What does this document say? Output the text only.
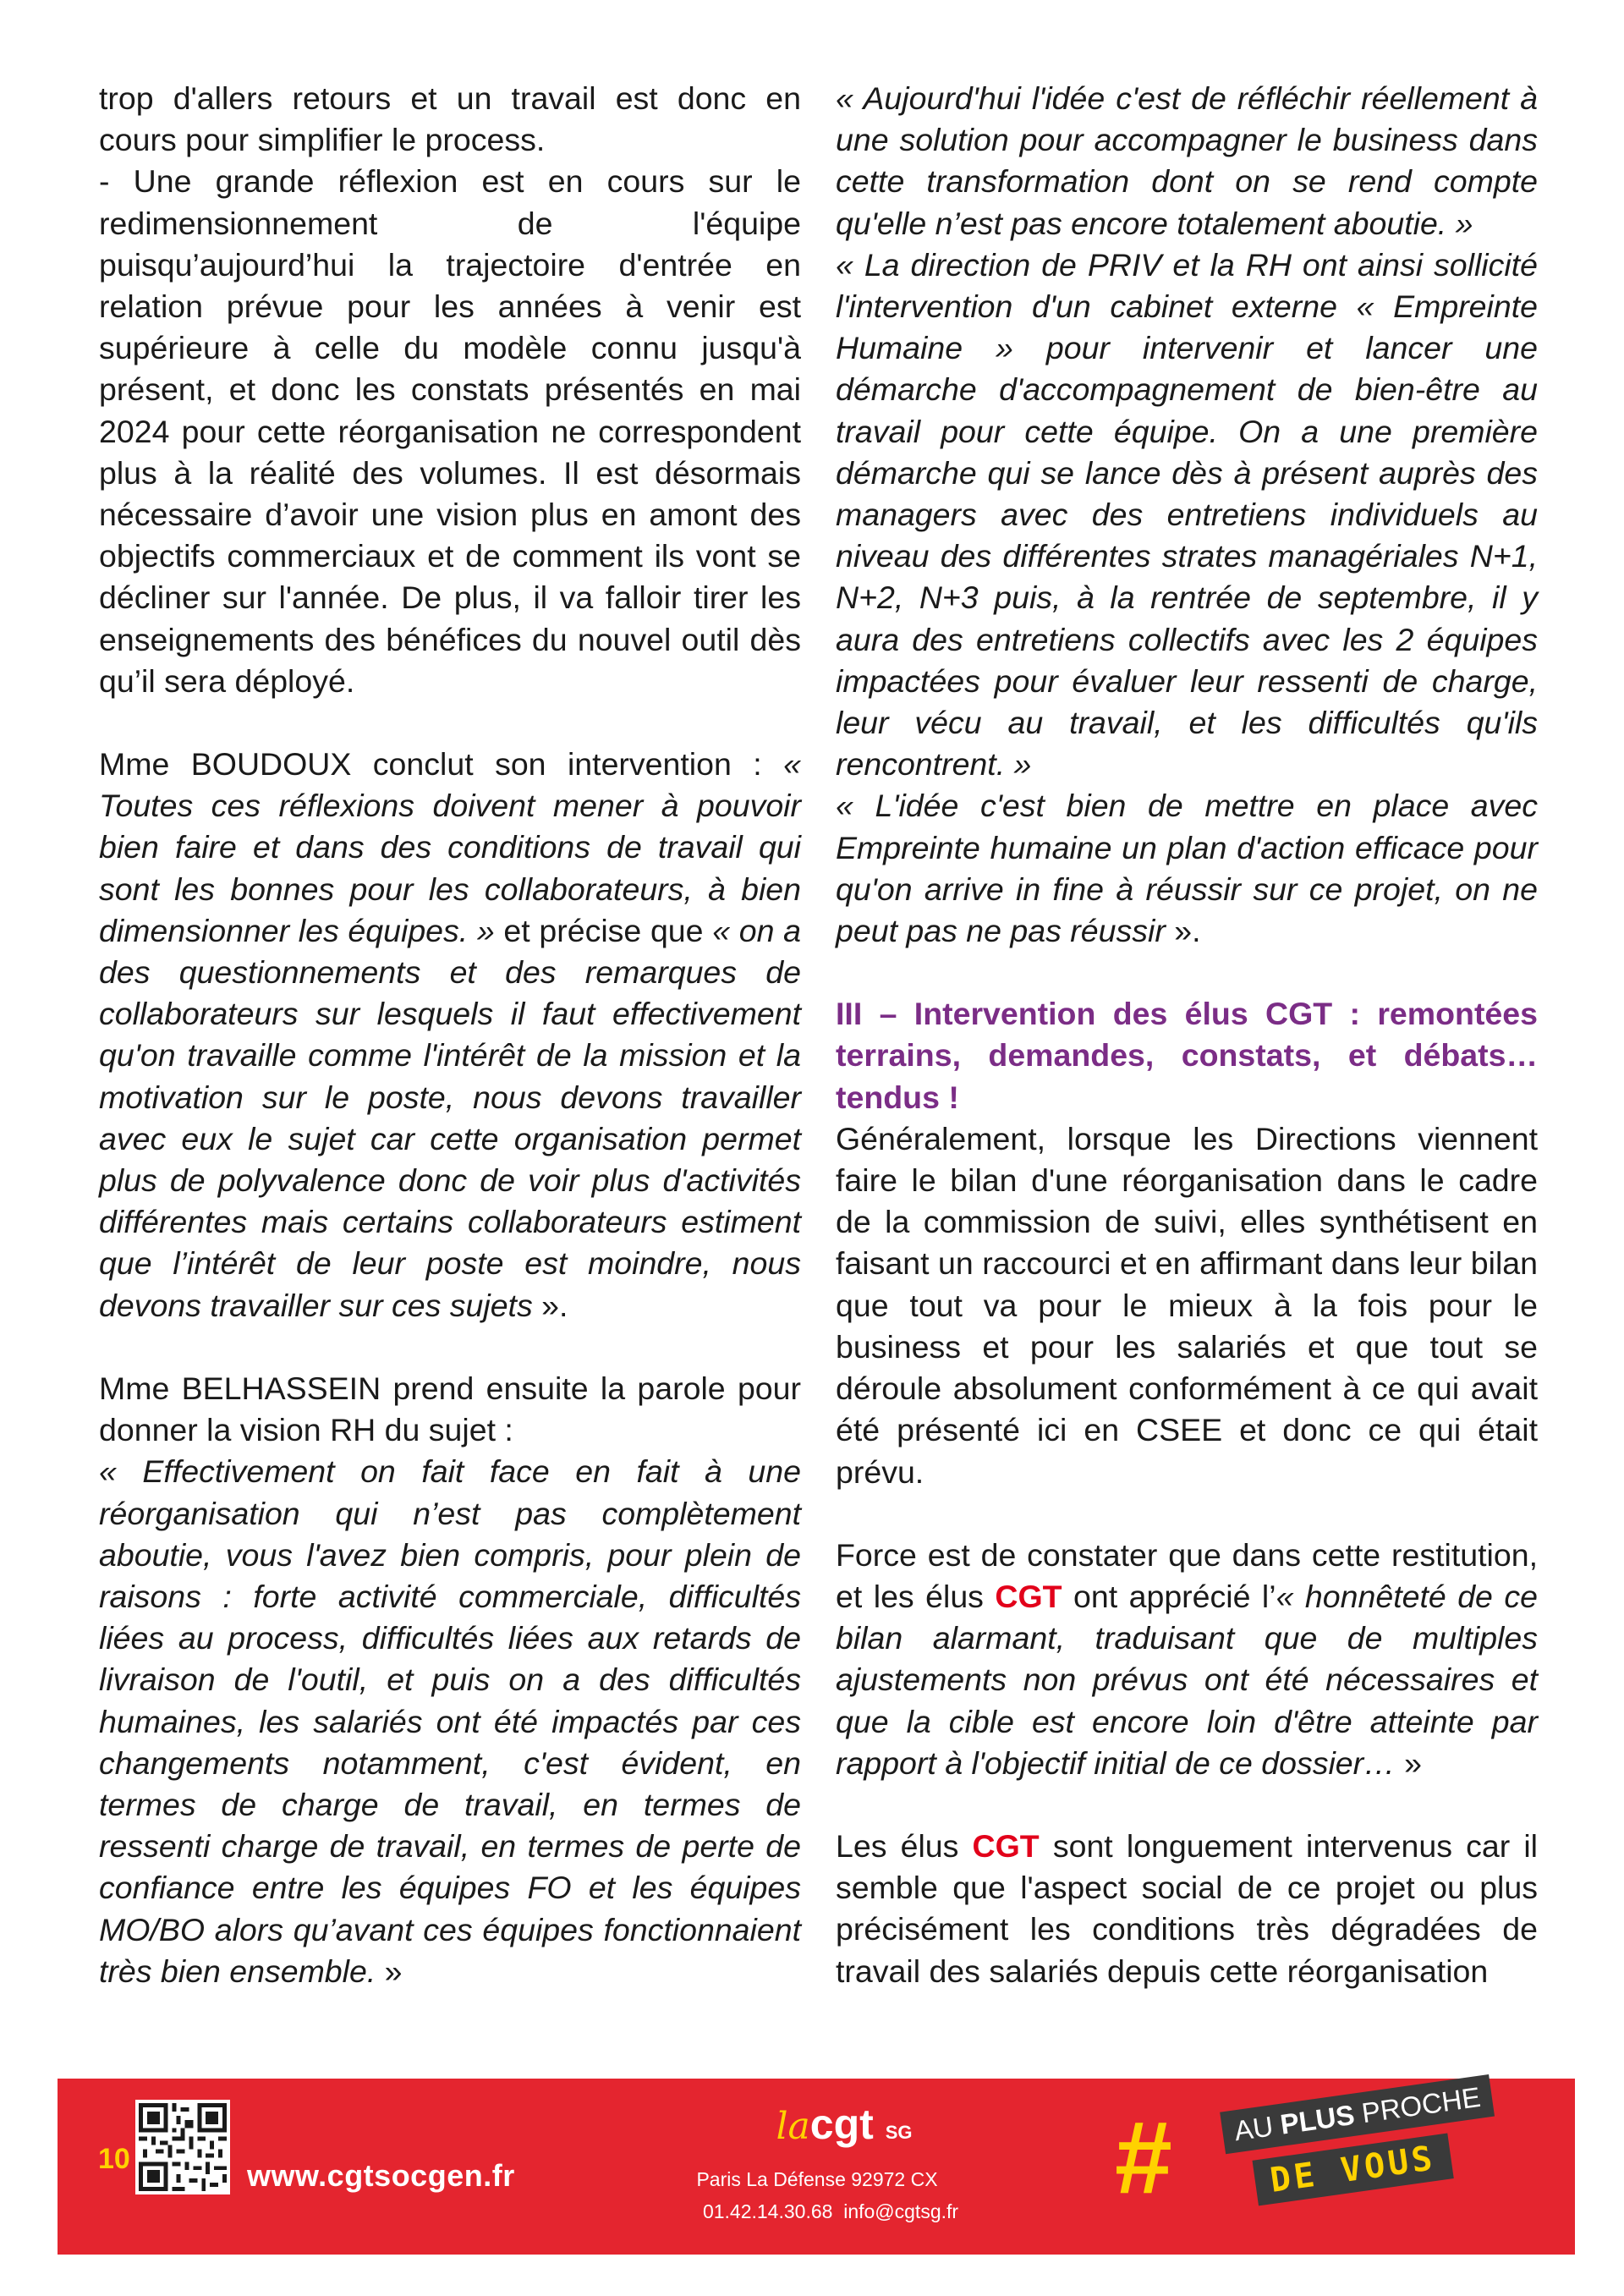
trop d'allers retours et un travail est donc en cours pour simplifier le process.

- Une grande réflexion est en cours sur le redimensionnement de l'équipe puisqu’aujourd’hui la trajectoire d'entrée en relation prévue pour les années à venir est supérieure à celle du modèle connu jusqu'à présent, et donc les constats présentés en mai 2024 pour cette réorganisation ne correspondent plus à la réalité des volumes. Il est désormais nécessaire d’avoir une vision plus en amont des objectifs commerciaux et de comment ils vont se décliner sur l'année. De plus, il va falloir tirer les enseignements des bénéfices du nouvel outil dès qu’il sera déployé.

Mme BOUDOUX conclut son intervention : « Toutes ces réflexions doivent mener à pouvoir bien faire et dans des conditions de travail qui sont les bonnes pour les collaborateurs, à bien dimensionner les équipes. » et précise que « on a des questionnements et des remarques de collaborateurs sur lesquels il faut effectivement qu'on travaille comme l'intérêt de la mission et la motivation sur le poste, nous devons travailler avec eux le sujet car cette organisation permet plus de polyvalence donc de voir plus d'activités différentes mais certains collaborateurs estiment que l’intérêt de leur poste est moindre, nous devons travailler sur ces sujets ».

Mme BELHASSEIN prend ensuite la parole pour donner la vision RH du sujet :

« Effectivement on fait face en fait à une réorganisation qui n’est pas complètement aboutie, vous l'avez bien compris, pour plein de raisons : forte activité commerciale, difficultés liées au process, difficultés liées aux retards de livraison de l'outil, et puis on a des difficultés humaines, les salariés ont été impactés par ces changements notamment, c'est évident, en termes de charge de travail, en termes de ressenti charge de travail, en termes de perte de confiance entre les équipes FO et les équipes MO/BO alors qu’avant ces équipes fonctionnaient très bien ensemble. »

« Aujourd'hui l'idée c'est de réfléchir réellement à une solution pour accompagner le business dans cette transformation dont on se rend compte qu'elle n’est pas encore totalement aboutie. »

« La direction de PRIV et la RH ont ainsi sollicité l'intervention d'un cabinet externe « Empreinte Humaine » pour intervenir et lancer une démarche d'accompagnement de bien-être au travail pour cette équipe. On a une première démarche qui se lance dès à présent auprès des managers avec des entretiens individuels au niveau des différentes strates managériales N+1, N+2, N+3 puis, à la rentrée de septembre, il y aura des entretiens collectifs avec les 2 équipes impactées pour évaluer leur ressenti de charge, leur vécu au travail, et les difficultés qu'ils rencontrent. »

« L'idée c'est bien de mettre en place avec Empreinte humaine un plan d'action efficace pour qu'on arrive in fine à réussir sur ce projet, on ne peut pas ne pas réussir ».

III – Intervention des élus CGT : remontées terrains, demandes, constats, et débats… tendus !

Généralement, lorsque les Directions viennent faire le bilan d'une réorganisation dans le cadre de la commission de suivi, elles synthétisent en faisant un raccourci et en affirmant dans leur bilan que tout va pour le mieux à la fois pour le business et pour les salariés et que tout se déroule absolument conformément à ce qui avait été présenté ici en CSEE et donc ce qui était prévu.

Force est de constater que dans cette restitution, et les élus CGT ont apprécié l’« honnêteté de ce bilan alarmant, traduisant que de multiples ajustements non prévus ont été nécessaires et que la cible est encore loin d'être atteinte par rapport à l'objectif initial de ce dossier… »

Les élus CGT sont longuement intervenus car il semble que l'aspect social de ce projet ou plus précisément les conditions très dégradées de travail des salariés depuis cette réorganisation

10	www.cgtsocgen.fr
lacgt SG
Paris La Défense 92972 CX
01.42.14.30.68 info@cgtsg.fr	#	AU PLUS PROCHE
DE VOUS
